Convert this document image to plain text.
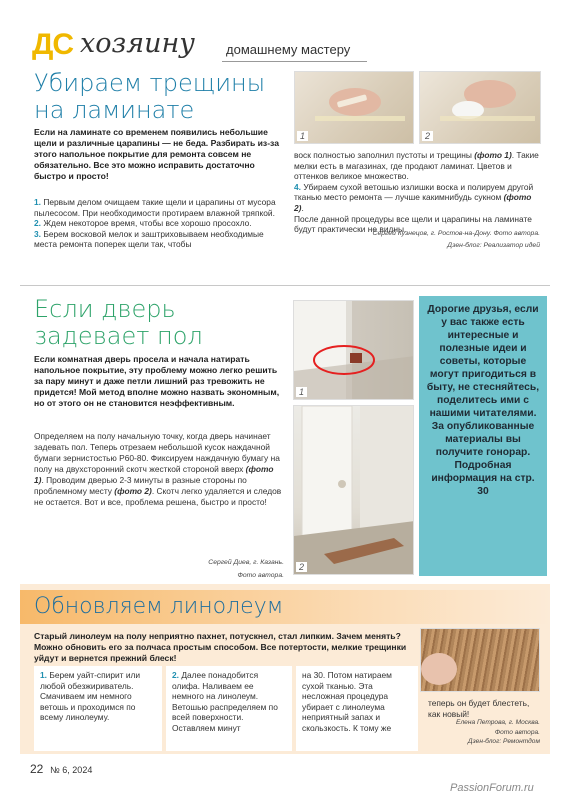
ДС хозяину домашнему мастеру
Убираем трещины
на ламинате
Если на ламинате со временем появились небольшие щели и различные царапины — не беда. Разбирать из-за этого напольное покрытие для ремонта совсем не обязательно. Все это можно исправить достаточно быстро и просто!

1. Первым делом очищаем такие щели и царапины от мусора пылесосом. При необходимости протираем влажной тряпкой.

2. Ждем некоторое время, чтобы все хорошо просохло.

3. Берем восковой мелок и заштриховываем необходимые места ремонта поперек щели так, чтобы

воск полностью заполнил пустоты и трещины (фото 1). Такие мелки есть в магазинах, где продают ламинат. Цветов и оттенков великое множество.

4. Убираем сухой ветошью излишки воска и полируем другой тканью место ремонта — лучше какимнибудь сукном (фото 2).

После данной процедуры все щели и царапины на ламинате будут практически не видны.

Сергей Кузнецов, г. Ростов-на-Дону. Фото автора.
Дзен-блог: Реализатор идей
1	2
Если дверь
задевает пол
Если комнатная дверь просела и начала натирать напольное покрытие, эту проблему можно легко решить за пару минут и даже петли лишний раз тревожить не придется! Мой метод вполне можно назвать экономным, но от этого он не становится неэффективным.

Определяем на полу начальную точку, когда дверь начинает задевать пол. Теперь отрезаем небольшой кусок наждачной бумаги зернистостью Р60-80. Фиксируем наждачную бумагу на полу на двухсторонний скотч жесткой стороной вверх (фото 1). Проводим дверью 2-3 минуты в разные стороны по проблемному месту (фото 2). Скотч легко удаляется и следов не остается. Вот и все, проблема решена, быстро и просто!

Сергей Диев, г. Казань.
Фото автора.
1
2
Дорогие друзья, если у вас также есть интересные и полезные идеи и советы, которые могут пригодиться в быту, не стесняйтесь, поделитесь ими с нашими читателями. За опубликованные материалы вы получите гонорар. Подробная информация на стр. 30
Обновляем линолеум
Старый линолеум на полу неприятно пахнет, потускнел, стал липким. Зачем менять? Можно обновить его за полчаса простым способом. Все потертости, мелкие трещинки уйдут и вернется прежний блеск!
1. Берем уайт-спирит или любой обезжириватель. Смачиваем им немного ветошь и проходимся по всему линолеуму.
2. Далее понадобится олифа. Наливаем ее немного на линолеум. Ветошью распределяем по всей поверхности. Оставляем минут
на 30. Потом натираем сухой тканью. Эта несложная процедура убирает с линолеума неприятный запах и скользкость. К тому же
теперь он будет блестеть, как новый!
Елена Петрова, г. Москва.
Фото автора.
Дзен-блог: Ремонтдом
22 № 6, 2024
PassionForum.ru
